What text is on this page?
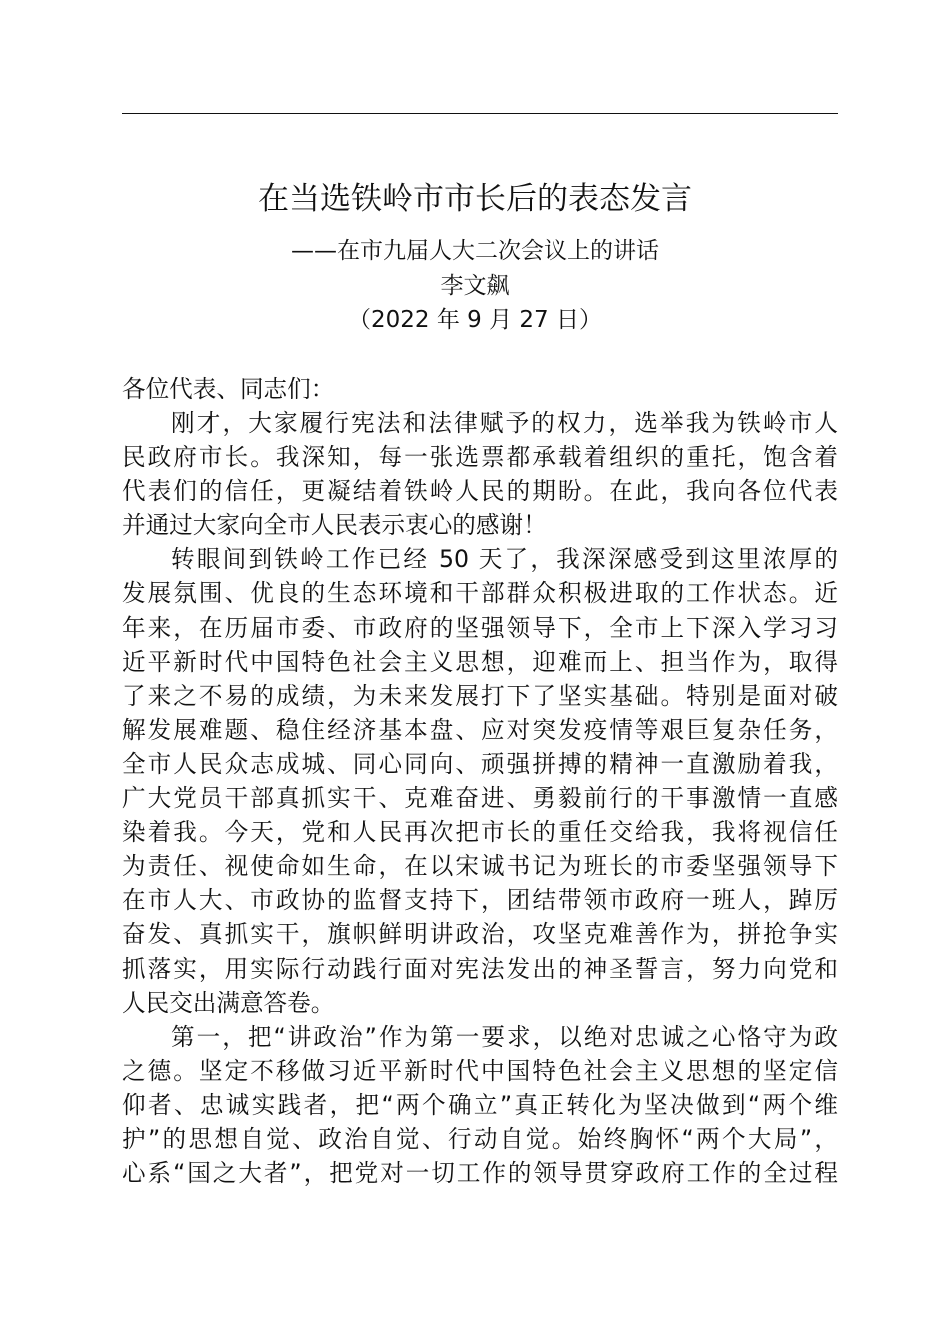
在当选铁岭市市长后的表态发言
——在市九届人大二次会议上的讲话
李文飙
（2022 年 9 月 27 日）

各位代表、同志们：

刚才，大家履行宪法和法律赋予的权力，选举我为铁岭市人
民政府市长。我深知，每一张选票都承载着组织的重托，饱含着
代表们的信任，更凝结着铁岭人民的期盼。在此，我向各位代表
并通过大家向全市人民表示衷心的感谢！
转眼间到铁岭工作已经 50 天了，我深深感受到这里浓厚的
发展氛围、优良的生态环境和干部群众积极进取的工作状态。近
年来，在历届市委、市政府的坚强领导下，全市上下深入学习习
近平新时代中国特色社会主义思想，迎难而上、担当作为，取得
了来之不易的成绩，为未来发展打下了坚实基础。特别是面对破
解发展难题、稳住经济基本盘、应对突发疫情等艰巨复杂任务，
全市人民众志成城、同心同向、顽强拼搏的精神一直激励着我，
广大党员干部真抓实干、克难奋进、勇毅前行的干事激情一直感
染着我。今天，党和人民再次把市长的重任交给我，我将视信任
为责任、视使命如生命，在以宋诚书记为班长的市委坚强领导下
在市人大、市政协的监督支持下，团结带领市政府一班人，踔厉
奋发、真抓实干，旗帜鲜明讲政治，攻坚克难善作为，拼抢争实
抓落实，用实际行动践行面对宪法发出的神圣誓言，努力向党和
人民交出满意答卷。
第一，把“讲政治”作为第一要求，以绝对忠诚之心恪守为政
之德。坚定不移做习近平新时代中国特色社会主义思想的坚定信
仰者、忠诚实践者，把“两个确立”真正转化为坚决做到“两个维
护”的思想自觉、政治自觉、行动自觉。始终胸怀“两个大局”，
心系“国之大者”，把党对一切工作的领导贯穿政府工作的全过程
